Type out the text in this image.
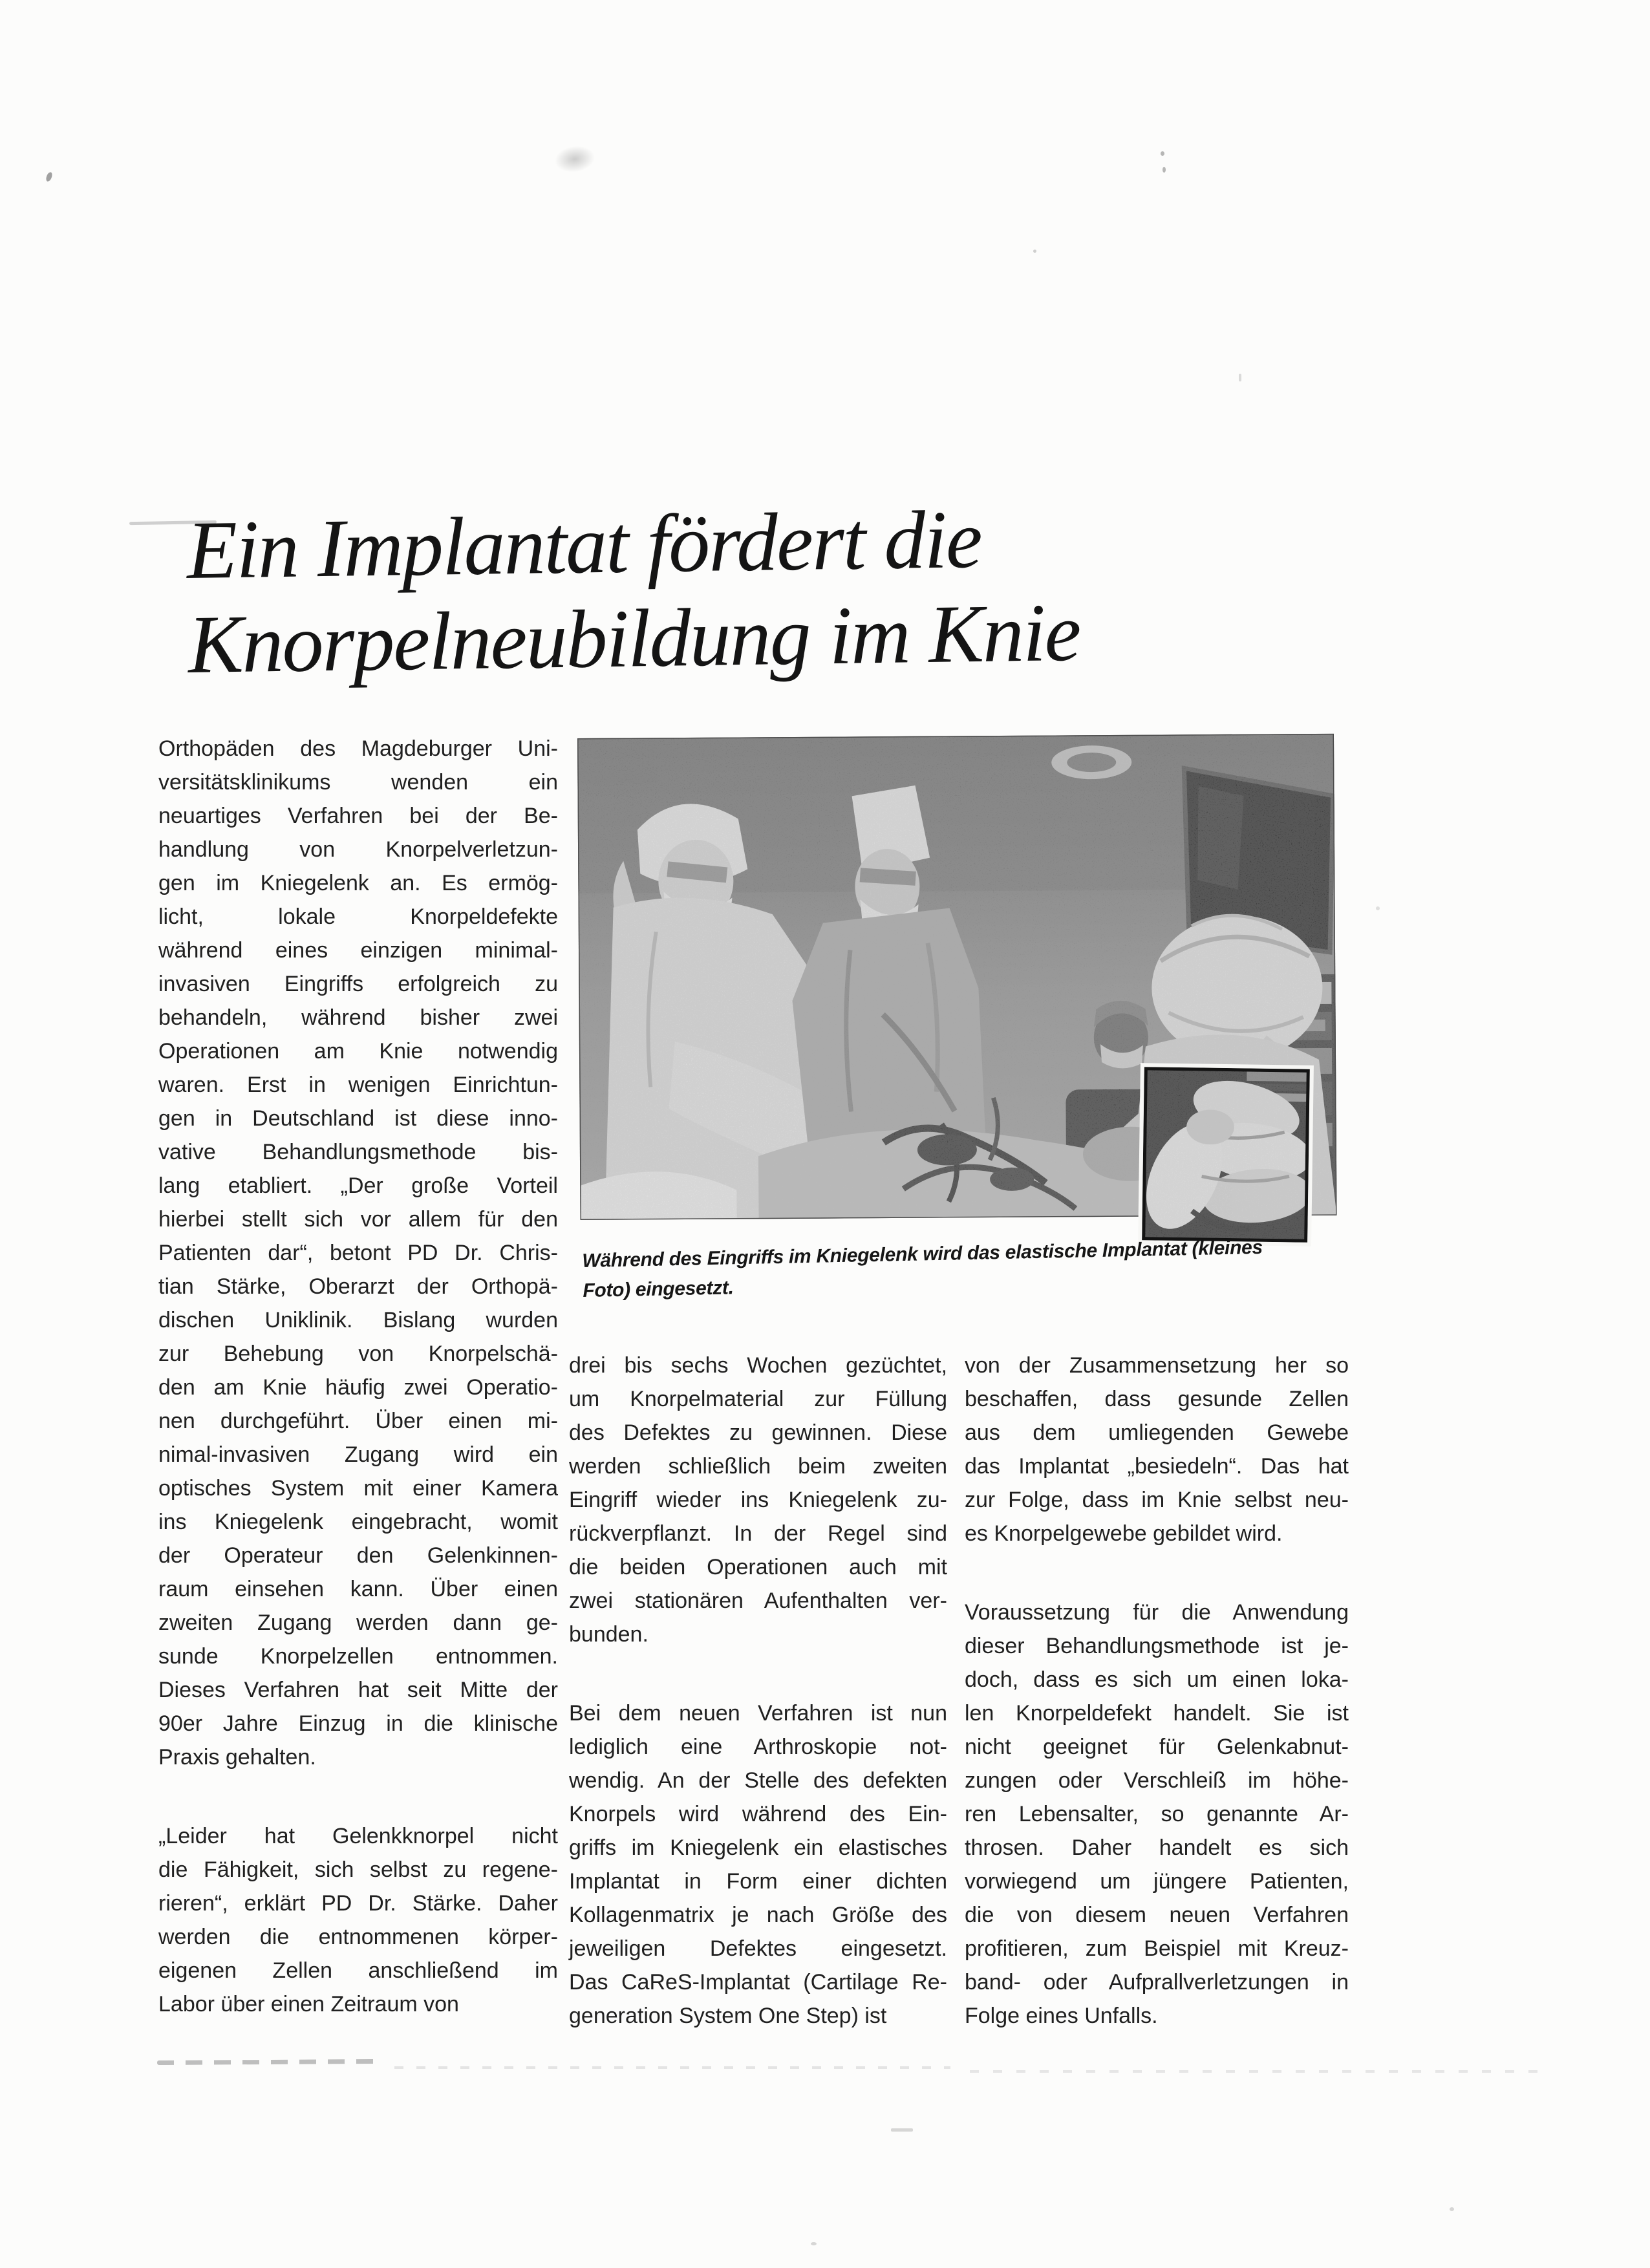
Ein Implantat fördert die
Knorpelneubildung im Knie
Orthopäden des Magdeburger Uni-
versitätsklinikums wenden ein
neuartiges Verfahren bei der Be-
handlung von Knorpelverletzun-
gen im Kniegelenk an. Es ermög-
licht, lokale Knorpeldefekte
während eines einzigen minimal-
invasiven Eingriffs erfolgreich zu
behandeln, während bisher zwei
Operationen am Knie notwendig
waren. Erst in wenigen Einrichtun-
gen in Deutschland ist diese inno-
vative Behandlungsmethode bis-
lang etabliert. „Der große Vorteil
hierbei stellt sich vor allem für den
Patienten dar“, betont PD Dr. Chris-
tian Stärke, Oberarzt der Orthopä-
dischen Uniklinik. Bislang wurden
zur Behebung von Knorpelschä-
den am Knie häufig zwei Operatio-
nen durchgeführt. Über einen mi-
nimal-invasiven Zugang wird ein
optisches System mit einer Kamera
ins Kniegelenk eingebracht, womit
der Operateur den Gelenkinnen-
raum einsehen kann. Über einen
zweiten Zugang werden dann ge-
sunde Knorpelzellen entnommen.
Dieses Verfahren hat seit Mitte der
90er Jahre Einzug in die klinische
Praxis gehalten.
„Leider hat Gelenkknorpel nicht
die Fähigkeit, sich selbst zu regene-
rieren“, erklärt PD Dr. Stärke. Daher
werden die entnommenen körper-
eigenen Zellen anschließend im
Labor über einen Zeitraum von
Während des Eingriffs im Kniegelenk wird das elastische Implantat (kleines
Foto) eingesetzt.
drei bis sechs Wochen gezüchtet,
um Knorpelmaterial zur Füllung
des Defektes zu gewinnen. Diese
werden schließlich beim zweiten
Eingriff wieder ins Kniegelenk zu-
rückverpflanzt. In der Regel sind
die beiden Operationen auch mit
zwei stationären Aufenthalten ver-
bunden.
Bei dem neuen Verfahren ist nun
lediglich eine Arthroskopie not-
wendig. An der Stelle des defekten
Knorpels wird während des Ein-
griffs im Kniegelenk ein elastisches
Implantat in Form einer dichten
Kollagenmatrix je nach Größe des
jeweiligen Defektes eingesetzt.
Das CaReS-Implantat (Cartilage Re-
generation System One Step) ist
von der Zusammensetzung her so
beschaffen, dass gesunde Zellen
aus dem umliegenden Gewebe
das Implantat „besiedeln“. Das hat
zur Folge, dass im Knie selbst neu-
es Knorpelgewebe gebildet wird.
Voraussetzung für die Anwendung
dieser Behandlungsmethode ist je-
doch, dass es sich um einen loka-
len Knorpeldefekt handelt. Sie ist
nicht geeignet für Gelenkabnut-
zungen oder Verschleiß im höhe-
ren Lebensalter, so genannte Ar-
throsen. Daher handelt es sich
vorwiegend um jüngere Patienten,
die von diesem neuen Verfahren
profitieren, zum Beispiel mit Kreuz-
band- oder Aufprallverletzungen in
Folge eines Unfalls.
